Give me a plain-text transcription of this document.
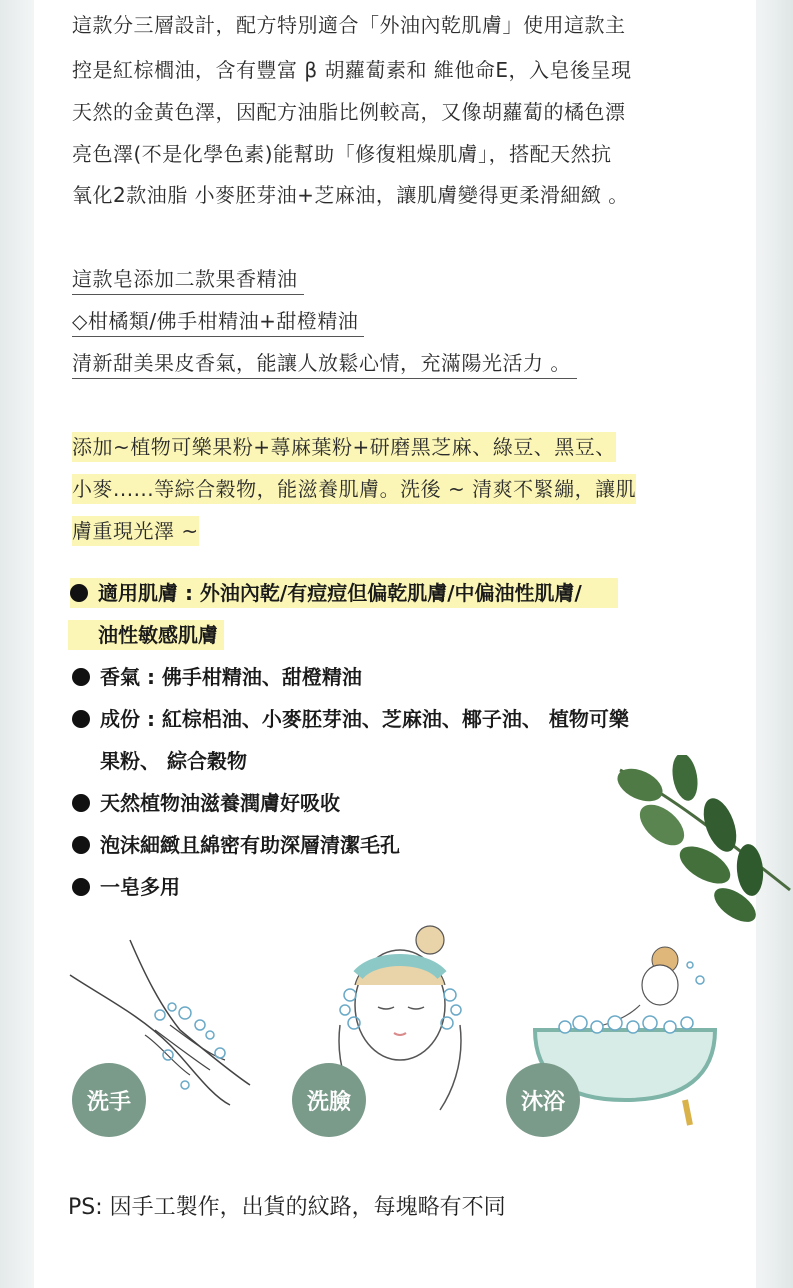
這款分三層設計，配方特別適合「外油內乾肌膚」使用這款主
控是紅棕櫚油，含有豐富 β 胡蘿蔔素和 維他命E，入皂後呈現
天然的金黃色澤，因配方油脂比例較高，又像胡蘿蔔的橘色漂
亮色澤(不是化學色素)能幫助「修復粗燥肌膚」，搭配天然抗
氧化2款油脂 小麥胚芽油+芝麻油，讓肌膚變得更柔滑細緻 。
這款皂添加二款果香精油
◇柑橘類/佛手柑精油+甜橙精油
清新甜美果皮香氣，能讓人放鬆心情，充滿陽光活力 。
添加~植物可樂果粉+蕁麻葉粉+研磨黑芝麻、綠豆、黑豆、
小麥......等綜合穀物，能滋養肌膚。洗後 ~ 清爽不緊繃，讓肌
膚重現光澤 ~
適用肌膚 : 外油內乾/有痘痘但偏乾肌膚/中偏油性肌膚/
油性敏感肌膚
香氣 : 佛手柑精油、甜橙精油
成份 : 紅棕梠油、小麥胚芽油、芝麻油、椰子油、 植物可樂
果粉、 綜合穀物
天然植物油滋養潤膚好吸收
泡沫細緻且綿密有助深層清潔毛孔
一皂多用
洗手	洗臉	沐浴
PS: 因手工製作，出貨的紋路，每塊略有不同
